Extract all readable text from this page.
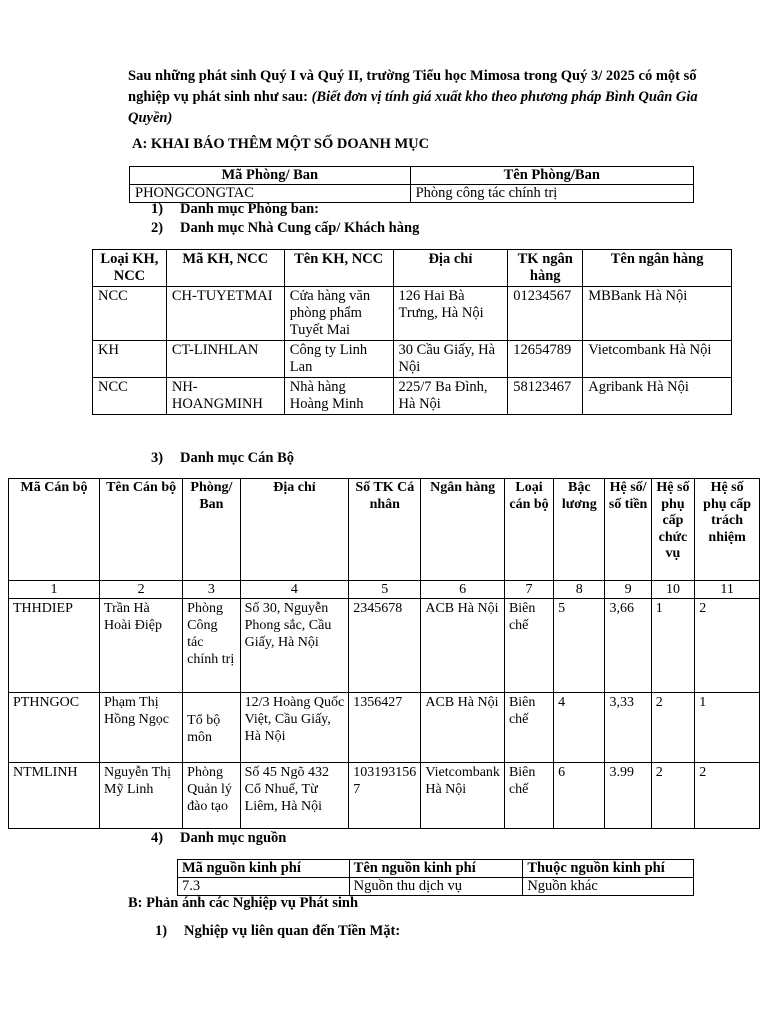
Sau những phát sinh Quý I và Quý II, trường Tiểu học Mimosa trong Quý 3/ 2025 có một số nghiệp vụ phát sinh như sau: (Biết đơn vị tính giá xuất kho theo phương pháp Bình Quân Gia Quyền)
A: KHAI BÁO THÊM MỘT SỐ DOANH MỤC
Mã Phòng/ Ban	Tên Phòng/Ban
PHONGCONGTAC	Phòng công tác chính trị
1) Danh mục Phòng ban:
2) Danh mục Nhà Cung cấp/ Khách hàng
Loại KH, NCC	Mã KH, NCC	Tên KH, NCC	Địa chỉ	TK ngân hàng	Tên ngân hàng
NCC	CH-TUYETMAI	Cửa hàng văn phòng phẩm Tuyết Mai	126 Hai Bà Trưng, Hà Nội	01234567	MBBank Hà Nội
KH	CT-LINHLAN	Công ty Linh Lan	30 Cầu Giấy, Hà Nội	12654789	Vietcombank Hà Nội
NCC	NH-HOANGMINH	Nhà hàng Hoàng Minh	225/7 Ba Đình, Hà Nội	58123467	Agribank Hà Nội
3) Danh mục Cán Bộ
Mã Cán bộ	Tên Cán bộ	Phòng/ Ban	Địa chỉ	Số TK Cá nhân	Ngân hàng	Loại cán bộ	Bậc lương	Hệ số/ số tiền	Hệ số phụ cấp chức vụ	Hệ số phụ cấp trách nhiệm
1	2	3	4	5	6	7	8	9	10	11
THHDIEP	Trần Hà Hoài Điệp	Phòng Công tác chính trị	Số 30, Nguyễn Phong sắc, Cầu Giấy, Hà Nội	2345678	ACB Hà Nội	Biên chế	5	3,66	1	2
PTHNGOC	Phạm Thị Hồng Ngọc	Tổ bộ môn	12/3 Hoàng Quốc Việt, Cầu Giấy, Hà Nội	1356427	ACB Hà Nội	Biên chế	4	3,33	2	1
NTMLINH	Nguyễn Thị Mỹ Linh	Phòng Quản lý đào tạo	Số 45 Ngõ 432 Cổ Nhuế, Từ Liêm, Hà Nội	1031931567	Vietcombank Hà Nội	Biên chế	6	3.99	2	2
4) Danh mục nguồn
Mã nguồn kinh phí	Tên nguồn kinh phí	Thuộc nguồn kinh phí
7.3	Nguồn thu dịch vụ	Nguồn khác
B: Phản ánh các Nghiệp vụ Phát sinh
1) Nghiệp vụ liên quan đến Tiền Mặt:
